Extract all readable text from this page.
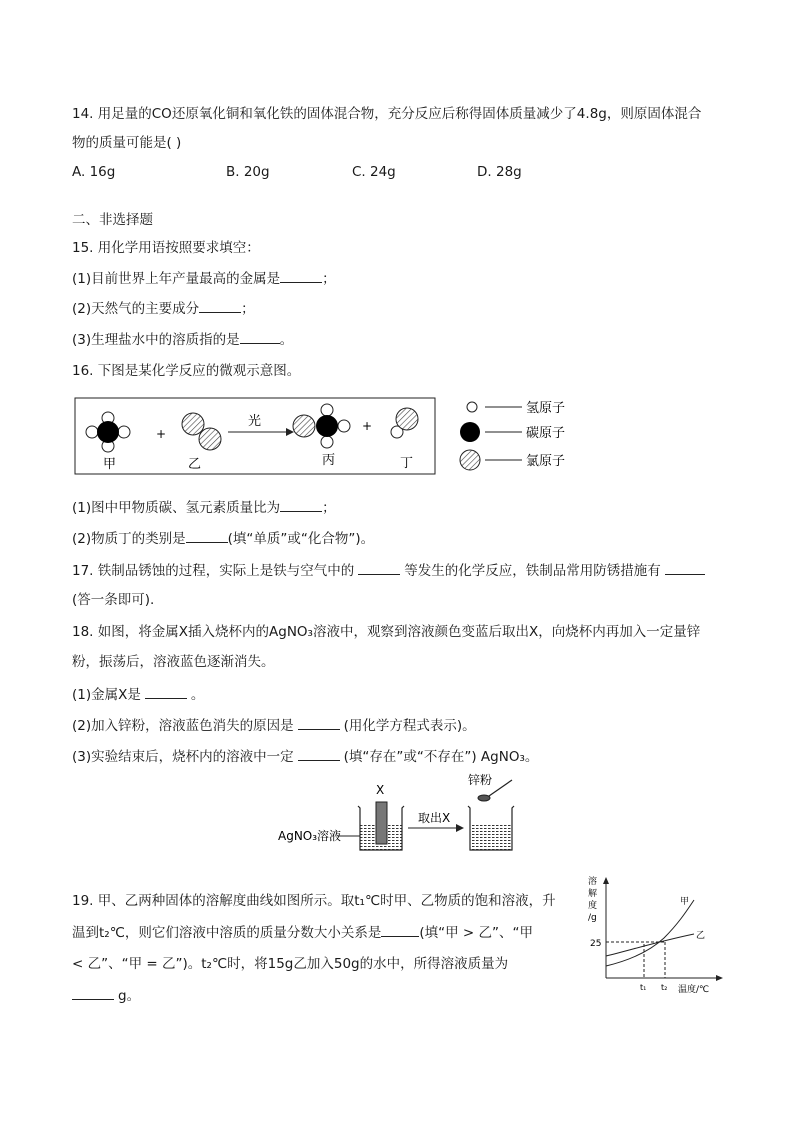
14. 用足量的CO还原氧化铜和氧化铁的固体混合物，充分反应后称得固体质量减少了4.8g，则原固体混合
物的质量可能是( )
A. 16g	B. 20g	C. 24g	D. 28g
二、非选择题
15. 用化学用语按照要求填空：
(1)目前世界上年产量最高的金属是	；
(2)天然气的主要成分	；
(3)生理盐水中的溶质指的是	。
16. 下图是某化学反应的微观示意图。
甲
+
乙
光
丙
+
丁
氢原子
碳原子
氯原子
(1)图中甲物质碳、氢元素质量比为	；
(2)物质丁的类别是	(填“单质”或“化合物”)。
17. 铁制品锈蚀的过程，实际上是铁与空气中的	等发生的化学反应，铁制品常用防锈措施有
(答一条即可).
18. 如图，将金属X插入烧杯内的AgNO₃溶液中，观察到溶液颜色变蓝后取出X，向烧杯内再加入一定量锌
粉，振荡后，溶液蓝色逐渐消失。
(1)金属X是	。
(2)加入锌粉，溶液蓝色消失的原因是	(用化学方程式表示)。
(3)实验结束后，烧杯内的溶液中一定	(填“存在”或“不存在”) AgNO₃。
AgNO₃溶液
X
取出X
锌粉
19. 甲、乙两种固体的溶解度曲线如图所示。取t₁℃时甲、乙物质的饱和溶液，升
温到t₂℃，则它们溶液中溶质的质量分数大小关系是	(填“甲 > 乙”、“甲
< 乙”、“甲 = 乙”)。t₂℃时，将15g乙加入50g的水中，所得溶液质量为
g。
溶
解
度
/g
25
甲
乙
t₁ t₂ 温度/℃
